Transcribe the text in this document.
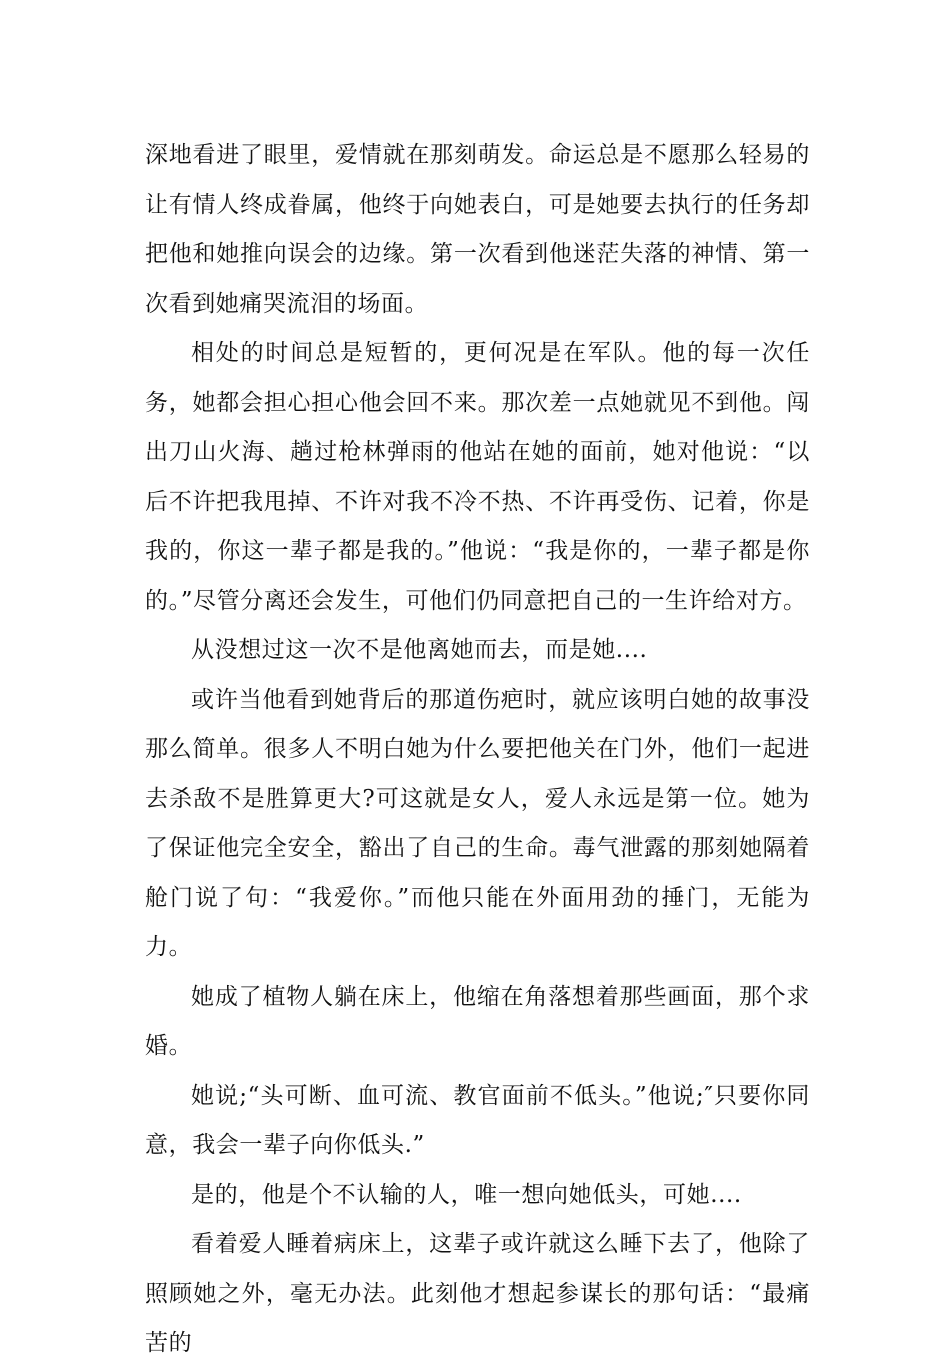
深地看进了眼里，爱情就在那刻萌发。命运总是不愿那么轻易的让有情人终成眷属，他终于向她表白，可是她要去执行的任务却把他和她推向误会的边缘。第一次看到他迷茫失落的神情、第一次看到她痛哭流泪的场面。

相处的时间总是短暂的，更何况是在军队。他的每一次任务，她都会担心担心他会回不来。那次差一点她就见不到他。闯出刀山火海、趟过枪林弹雨的他站在她的面前，她对他说：“以后不许把我甩掉、不许对我不冷不热、不许再受伤、记着，你是我的，你这一辈子都是我的。”他说：“我是你的，一辈子都是你的。”尽管分离还会发生，可他们仍同意把自己的一生许给对方。

从没想过这一次不是他离她而去，而是她....

或许当他看到她背后的那道伤疤时，就应该明白她的故事没那么简单。很多人不明白她为什么要把他关在门外，他们一起进去杀敌不是胜算更大?可这就是女人，爱人永远是第一位。她为了保证他完全安全，豁出了自己的生命。毒气泄露的那刻她隔着舱门说了句：“我爱你。”而他只能在外面用劲的捶门，无能为力。

她成了植物人躺在床上，他缩在角落想着那些画面，那个求婚。

她说;“头可断、血可流、教官面前不低头。”他说;″只要你同意，我会一辈子向你低头.”

是的，他是个不认输的人，唯一想向她低头，可她....

看着爱人睡着病床上，这辈子或许就这么睡下去了，他除了照顾她之外，毫无办法。此刻他才想起参谋长的那句话：“最痛苦的
